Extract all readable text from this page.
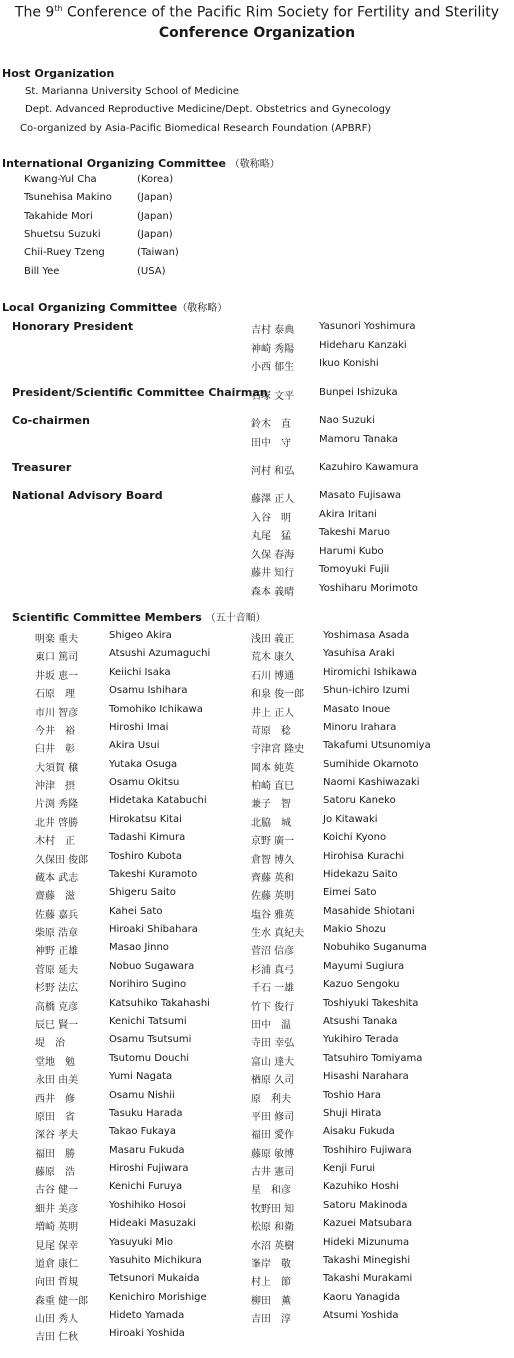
The 9th Conference of the Pacific Rim Society for Fertility and Sterility
Conference Organization
Host Organization
St. Marianna University School of Medicine
Dept. Advanced Reproductive Medicine/Dept. Obstetrics and Gynecology
Co-organized by Asia-Pacific Biomedical Research Foundation (APBRF)
International Organizing Committee （敬称略）
Kwang-Yul Cha	(Korea)
Tsunehisa Makino	(Japan)
Takahide Mori	(Japan)
Shuetsu Suzuki	(Japan)
Chii-Ruey Tzeng	(Taiwan)
Bill Yee	(USA)
Local Organizing Committee（敬称略）
Honorary President	吉村 泰典 Yasunori Yoshimura
神崎 秀陽 Hideharu Kanzaki
小西 郁生 Ikuo Konishi
President/Scientific Committee Chairman
石塚 文平 Bunpei Ishizuka
Co-chairmen	鈴木　直	Nao Suzuki
田中　守	Mamoru Tanaka
Treasurer	河村 和弘 Kazuhiro Kawamura
National Advisory Board	藤澤 正人 Masato Fujisawa
入谷　明	Akira Iritani
丸尾　猛	Takeshi Maruo
久保 春海 Harumi Kubo
藤井 知行 Tomoyuki Fujii
森本 義晴 Yoshiharu Morimoto
Scientific Committee Members （五十音順）
明楽 重夫	Shigeo Akira
東口 篤司	Atsushi Azumaguchi
井坂 恵一	Keiichi Isaka
石原　理	Osamu Ishihara
市川 智彦	Tomohiko Ichikawa
今井　裕	Hiroshi Imai
臼井　彰	Akira Usui
大須賀 穣	Yutaka Osuga
沖津　摂	Osamu Okitsu
片渕 秀隆	Hidetaka Katabuchi
北井 啓勝	Hirokatsu Kitai
木村　正	Tadashi Kimura
久保田 俊郎 Toshiro Kubota
蔵本 武志	Takeshi Kuramoto
齋藤　滋	Shigeru Saito
佐藤 嘉兵	Kahei Sato
柴原 浩章	Hiroaki Shibahara
神野 正雄	Masao Jinno
菅原 延夫	Nobuo Sugawara
杉野 法広	Norihiro Sugino
高橋 克彦	Katsuhiko Takahashi
辰巳 賢一	Kenichi Tatsumi
堤　治	Osamu Tsutsumi
堂地　勉	Tsutomu Douchi
永田 由美	Yumi Nagata
西井　修	Osamu Nishii
原田　省	Tasuku Harada
深谷 孝夫	Takao Fukaya
福田　勝	Masaru Fukuda
藤原　浩	Hiroshi Fujiwara
古谷 健一	Kenichi Furuya
細井 美彦	Yoshihiko Hosoi
増崎 英明	Hideaki Masuzaki
見尾 保幸	Yasuyuki Mio
道倉 康仁	Yasuhito Michikura
向田 哲規	Tetsunori Mukaida
森重 健一郎 Kenichiro Morishige
山田 秀人	Hideto Yamada
吉田 仁秋	Hiroaki Yoshida
浅田 義正	Yoshimasa Asada
荒木 康久	Yasuhisa Araki
石川 博通	Hiromichi Ishikawa
和泉 俊一郎 Shun-ichiro Izumi
井上 正人	Masato Inoue
苛原　稔	Minoru Irahara
宇津宮 隆史 Takafumi Utsunomiya
岡本 純英	Sumihide Okamoto
柏崎 直巳	Naomi Kashiwazaki
兼子　智	Satoru Kaneko
北脇　城	Jo Kitawaki
京野 廣一	Koichi Kyono
倉智 博久	Hirohisa Kurachi
齊藤 英和	Hidekazu Saito
佐藤 英明	Eimei Sato
塩谷 雅英	Masahide Shiotani
生水 真紀夫 Makio Shozu
菅沼 信彦	Nobuhiko Suganuma
杉浦 真弓	Mayumi Sugiura
千石 一雄	Kazuo Sengoku
竹下 俊行	Toshiyuki Takeshita
田中　温	Atsushi Tanaka
寺田 幸弘	Yukihiro Terada
富山 達大	Tatsuhiro Tomiyama
楢原 久司	Hisashi Narahara
原　利夫	Toshio Hara
平田 修司	Shuji Hirata
福田 愛作	Aisaku Fukuda
藤原 敏博	Toshihiro Fujiwara
古井 憲司	Kenji Furui
星　和彦	Kazuhiko Hoshi
牧野田 知	Satoru Makinoda
松原 和衛	Kazuei Matsubara
水沼 英樹	Hideki Mizunuma
峯岸　敬	Takashi Minegishi
村上　節	Takashi Murakami
柳田　薫	Kaoru Yanagida
吉田　淳	Atsumi Yoshida
